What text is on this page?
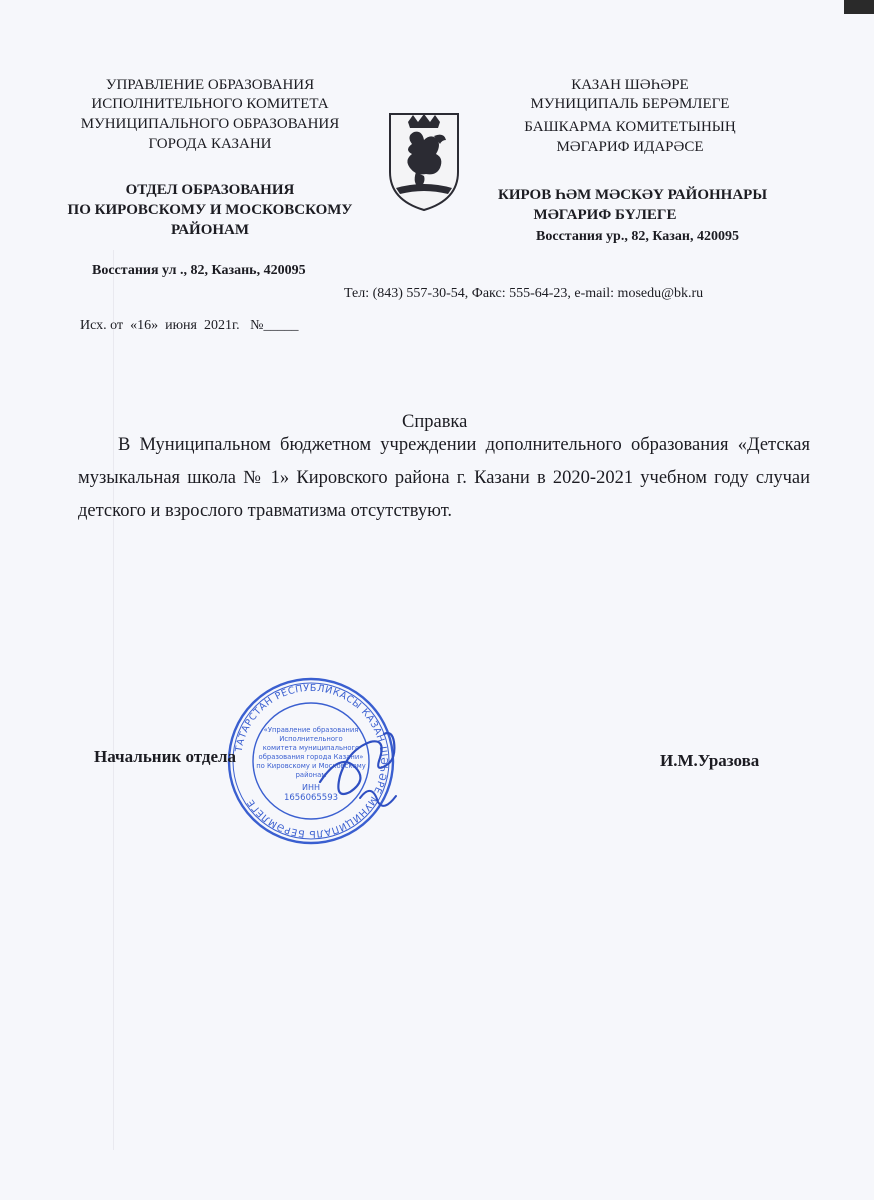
УПРАВЛЕНИЕ ОБРАЗОВАНИЯ
ИСПОЛНИТЕЛЬНОГО КОМИТЕТА
МУНИЦИПАЛЬНОГО ОБРАЗОВАНИЯ
ГОРОДА КАЗАНИ
ОТДЕЛ ОБРАЗОВАНИЯ
ПО КИРОВСКОМУ И МОСКОВСКОМУ
РАЙОНАМ
Восстания ул ., 82, Казань, 420095
КАЗАН ШӘҺӘРЕ
МУНИЦИПАЛЬ БЕРӘМЛЕГЕ
БАШКАРМА КОМИТЕТЫНЫҢ
МӘГАРИФ ИДАРӘСЕ
КИРОВ ҺӘМ МӘСКӘҮ РАЙОННАРЫ
МӘГАРИФ БҮЛЕГЕ
Восстания ур., 82, Казан, 420095
Тел: (843) 557-30-54, Факс: 555-64-23, e-mail: mosedu@bk.ru
Исх. от  «16»  июня  2021г.   №_____
Справка
В Муниципальном бюджетном учреждении дополнительного образования «Детская музыкальная школа № 1» Кировского района г. Казани в 2020-2021 учебном году случаи детского и взрослого травматизма отсутствуют.
ТАТАРСТАН РЕСПУБЛИКАСЫ КАЗАН ШӘҺӘРЕ МУНИЦИПАЛЬ БЕРӘМЛЕГЕ
«Управление образования
Исполнительного
комитета муниципального
образования города Казани»
по Кировскому и Московскому
районам
ИНН
1656065593
Начальник отдела	И.М.Уразова
